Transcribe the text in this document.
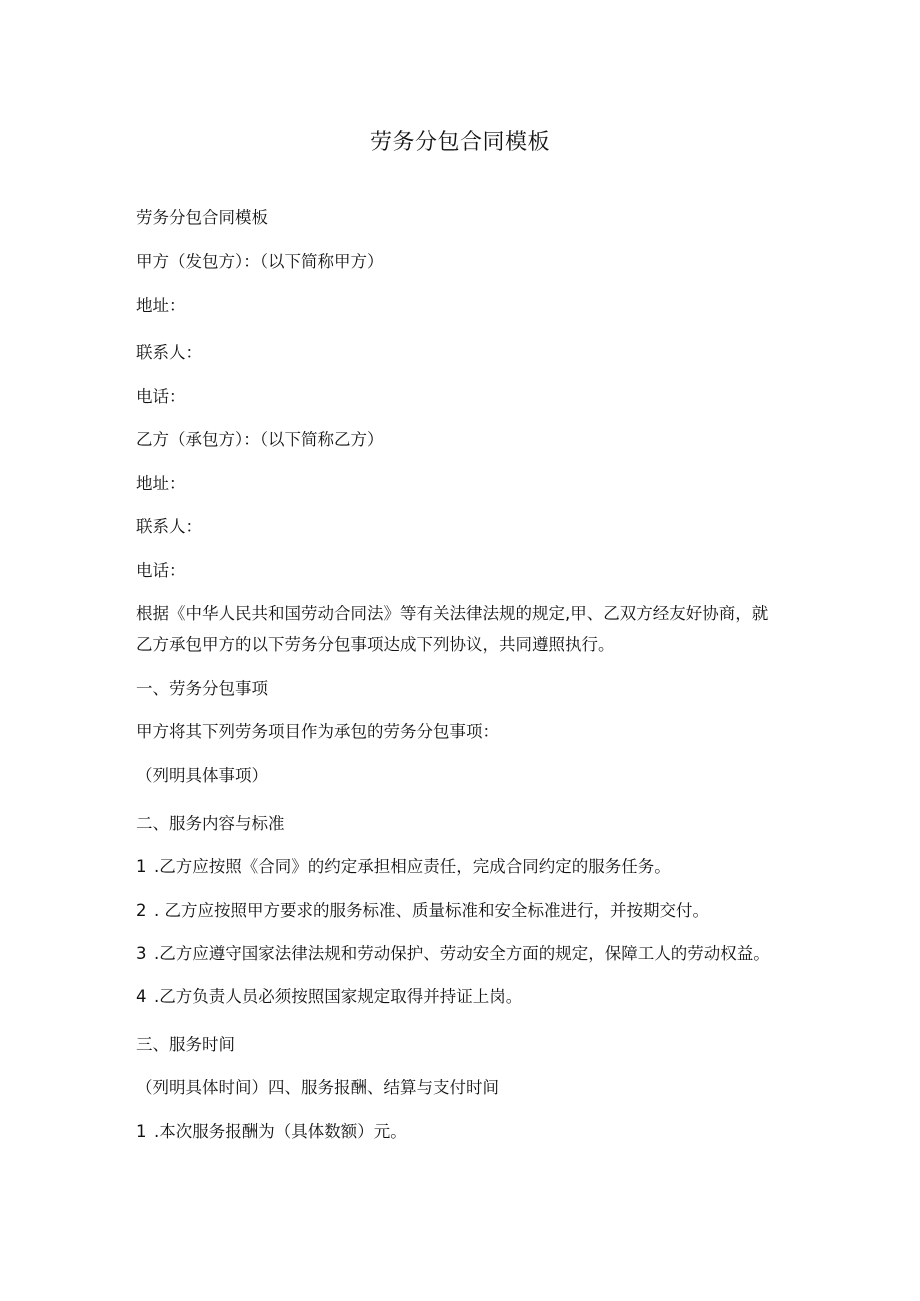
劳务分包合同模板
劳务分包合同模板
甲方（发包方）：（以下简称甲方）
地址：
联系人：
电话：
乙方（承包方）：（以下简称乙方）
地址：
联系人：
电话：
根据《中华人民共和国劳动合同法》等有关法律法规的规定,甲、乙双方经友好协商，就
乙方承包甲方的以下劳务分包事项达成下列协议，共同遵照执行。
一、劳务分包事项
甲方将其下列劳务项目作为承包的劳务分包事项：
（列明具体事项）
二、服务内容与标准
1 .乙方应按照《合同》的约定承担相应责任，完成合同约定的服务任务。
2 . 乙方应按照甲方要求的服务标准、质量标准和安全标准进行，并按期交付。
3 .乙方应遵守国家法律法规和劳动保护、劳动安全方面的规定，保障工人的劳动权益。
4 .乙方负责人员必须按照国家规定取得并持证上岗。
三、服务时间
（列明具体时间）四、服务报酬、结算与支付时间
1 .本次服务报酬为（具体数额）元。
